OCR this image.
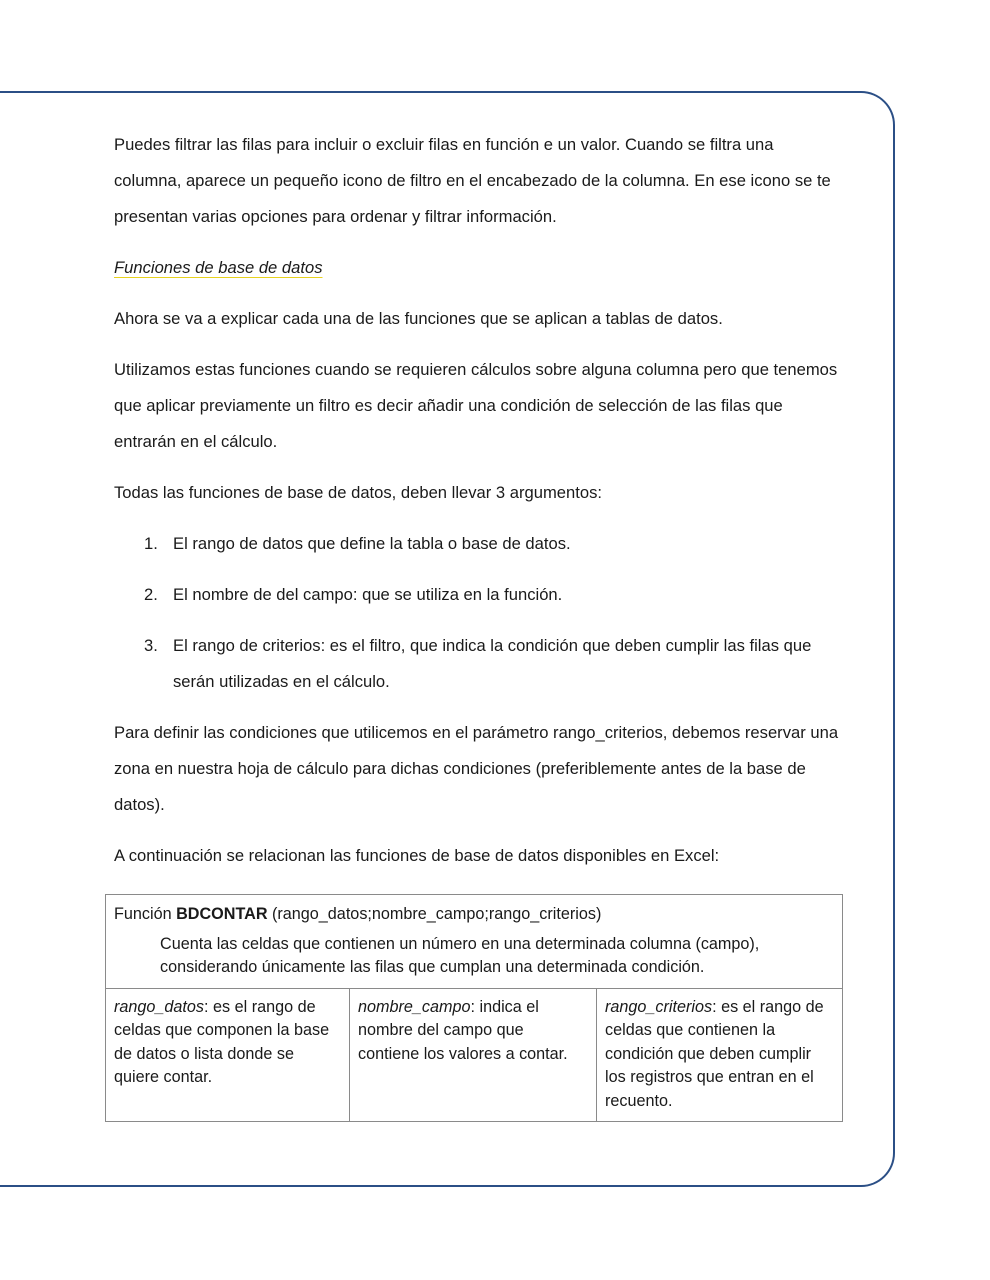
Puedes filtrar las filas para incluir o excluir filas en función e un valor. Cuando se filtra una columna, aparece un pequeño icono de filtro en el encabezado de la columna. En ese icono se te presentan varias opciones para ordenar y filtrar información.

Funciones de base de datos

Ahora se va a explicar cada una de las funciones que se aplican a tablas de datos.

Utilizamos estas funciones cuando se requieren cálculos sobre alguna columna pero que tenemos que aplicar previamente un filtro es decir añadir una condición de selección de las filas que entrarán en el cálculo.

Todas las funciones de base de datos, deben llevar 3 argumentos:

1. El rango de datos que define la tabla o base de datos.
2. El nombre de del campo: que se utiliza en la función.
3. El rango de criterios: es el filtro, que indica la condición que deben cumplir las filas que serán utilizadas en el cálculo.

Para definir las condiciones que utilicemos en el parámetro rango_criterios, debemos reservar una zona en nuestra hoja de cálculo para dichas condiciones (preferiblemente antes de la base de datos).

A continuación se relacionan las funciones de base de datos disponibles en Excel:

Función BDCONTAR (rango_datos;nombre_campo;rango_criterios)
Cuenta las celdas que contienen un número en una determinada columna (campo), considerando únicamente las filas que cumplan una determinada condición.

rango_datos: es el rango de celdas que componen la base de datos o lista donde se quiere contar.	nombre_campo: indica el nombre del campo que contiene los valores a contar.	rango_criterios: es el rango de celdas que contienen la condición que deben cumplir los registros que entran en el recuento.
